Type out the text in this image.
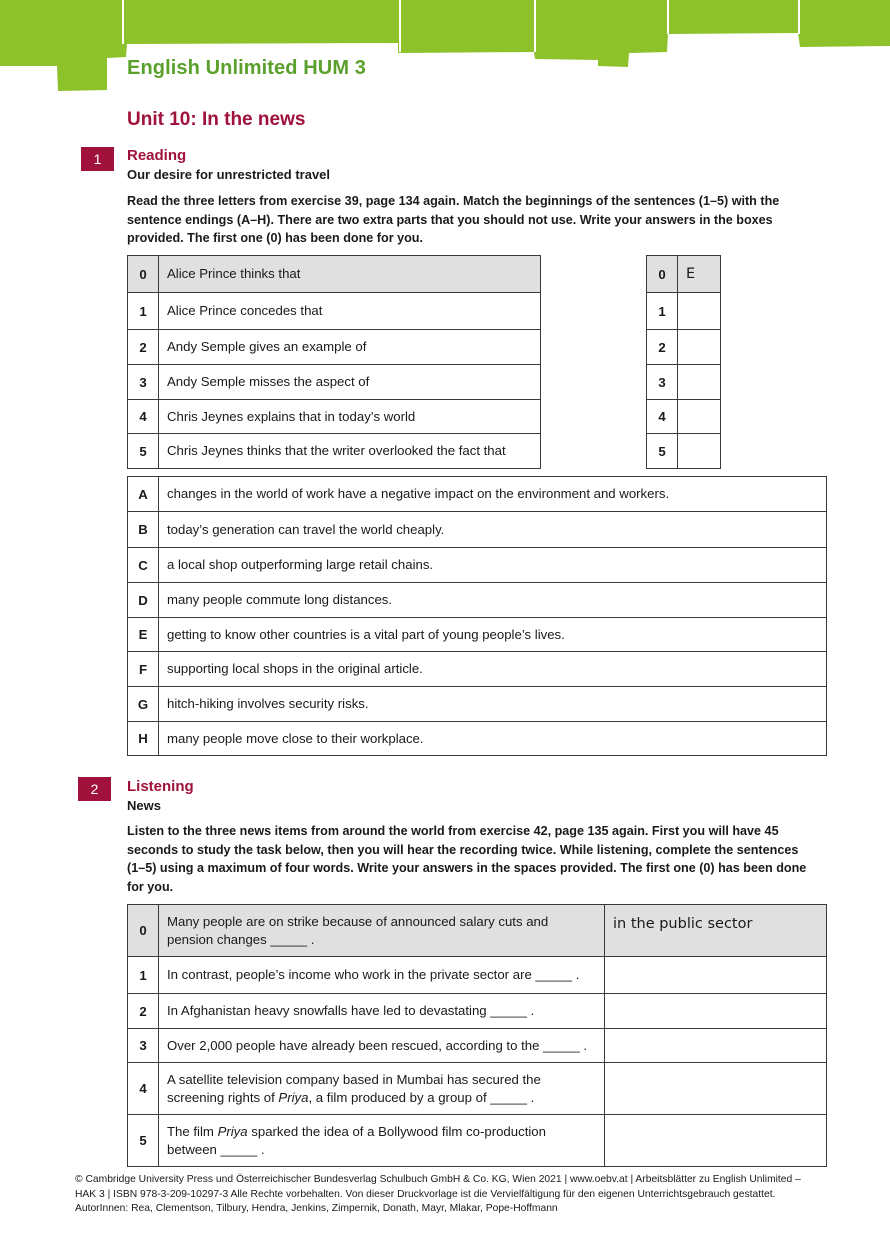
English Unlimited HUM 3
Unit 10: In the news
1	Reading
Our desire for unrestricted travel
Read the three letters from exercise 39, page 134 again. Match the beginnings of the sentences (1–5) with the sentence endings (A–H). There are two extra parts that you should not use. Write your answers in the boxes provided. The first one (0) has been done for you.
0	Alice Prince thinks that
1	Alice Prince concedes that
2	Andy Semple gives an example of
3	Andy Semple misses the aspect of
4	Chris Jeynes explains that in today’s world
5	Chris Jeynes thinks that the writer overlooked the fact that
0	E
1	
2	
3	
4	
5	
A	changes in the world of work have a negative impact on the environment and workers.
B	today’s generation can travel the world cheaply.
C	a local shop outperforming large retail chains.
D	many people commute long distances.
E	getting to know other countries is a vital part of young people’s lives.
F	supporting local shops in the original article.
G	hitch-hiking involves security risks.
H	many people move close to their workplace.
2	Listening
News
Listen to the three news items from around the world from exercise 42, page 135 again. First you will have 45 seconds to study the task below, then you will hear the recording twice. While listening, complete the sentences (1–5) using a maximum of four words. Write your answers in the spaces provided. The first one (0) has been done for you.
0	Many people are on strike because of announced salary cuts and pension changes _____ .	in the public sector
1	In contrast, people’s income who work in the private sector are _____ .	
2	In Afghanistan heavy snowfalls have led to devastating _____ .	
3	Over 2,000 people have already been rescued, according to the _____ .	
4	A satellite television company based in Mumbai has secured the screening rights of Priya, a film produced by a group of _____ .	
5	The film Priya sparked the idea of a Bollywood film co-production between _____ .	
© Cambridge University Press und Österreichischer Bundesverlag Schulbuch GmbH & Co. KG, Wien 2021 | www.oebv.at | Arbeitsblätter zu English Unlimited – HAK 3 | ISBN 978-3-209-10297-3 Alle Rechte vorbehalten. Von dieser Druckvorlage ist die Vervielfältigung für den eigenen Unterrichtsgebrauch gestattet.
AutorInnen: Rea, Clementson, Tilbury, Hendra, Jenkins, Zimpernik, Donath, Mayr, Mlakar, Pope-Hoffmann
